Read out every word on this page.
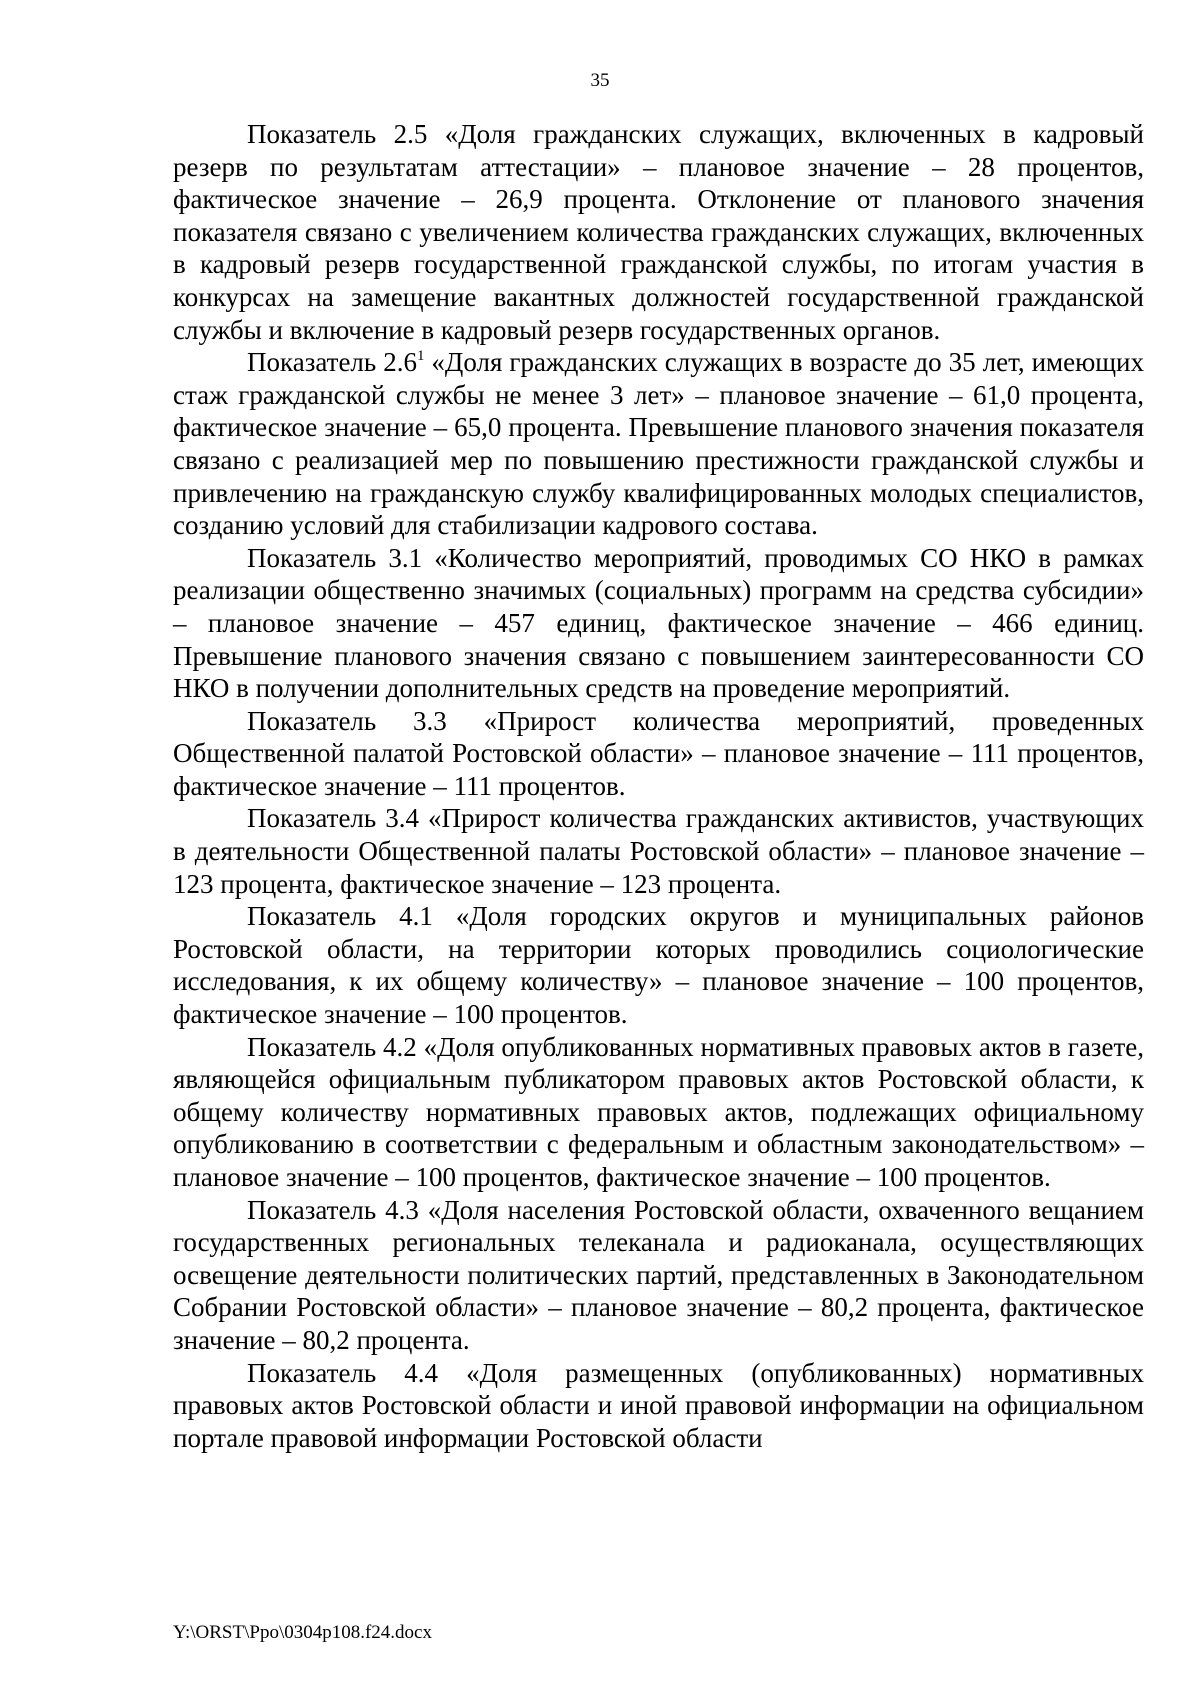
35

Показатель 2.5 «Доля гражданских служащих, включенных в кадровый резерв по результатам аттестации» – плановое значение – 28 процентов, фактическое значение – 26,9 процента. Отклонение от планового значения показателя связано с увеличением количества гражданских служащих, включенных в кадровый резерв государственной гражданской службы, по итогам участия в конкурсах на замещение вакантных должностей государственной гражданской службы и включение в кадровый резерв государственных органов.

Показатель $2.6^1$ «Доля гражданских служащих в возрасте до 35 лет, имеющих стаж гражданской службы не менее 3 лет» – плановое значение – 61,0 процента, фактическое значение – 65,0 процента. Превышение планового значения показателя связано с реализацией мер по повышению престижности гражданской службы и привлечению на гражданскую службу квалифицированных молодых специалистов, созданию условий для стабилизации кадрового состава.

Показатель 3.1 «Количество мероприятий, проводимых СО НКО в рамках реализации общественно значимых (социальных) программ на средства субсидии» – плановое значение – 457 единиц, фактическое значение – 466 единиц. Превышение планового значения связано с повышением заинтересованности СО НКО в получении дополнительных средств на проведение мероприятий.

Показатель 3.3 «Прирост количества мероприятий, проведенных Общественной палатой Ростовской области» – плановое значение – 111 процентов, фактическое значение – 111 процентов.

Показатель 3.4 «Прирост количества гражданских активистов, участвующих в деятельности Общественной палаты Ростовской области» – плановое значение – 123 процента, фактическое значение – 123 процента.

Показатель 4.1 «Доля городских округов и муниципальных районов Ростовской области, на территории которых проводились социологические исследования, к их общему количеству» – плановое значение – 100 процентов, фактическое значение – 100 процентов.

Показатель 4.2 «Доля опубликованных нормативных правовых актов в газете, являющейся официальным публикатором правовых актов Ростовской области, к общему количеству нормативных правовых актов, подлежащих официальному опубликованию в соответствии с федеральным и областным законодательством» – плановое значение – 100 процентов, фактическое значение – 100 процентов.

Показатель 4.3 «Доля населения Ростовской области, охваченного вещанием государственных региональных телеканала и радиоканала, осуществляющих освещение деятельности политических партий, представленных в Законодательном Собрании Ростовской области» – плановое значение – 80,2 процента, фактическое значение – 80,2 процента.

Показатель 4.4 «Доля размещенных (опубликованных) нормативных правовых актов Ростовской области и иной правовой информации на официальном портале правовой информации Ростовской области

Y:\ORST\Ppo\0304p108.f24.docx
